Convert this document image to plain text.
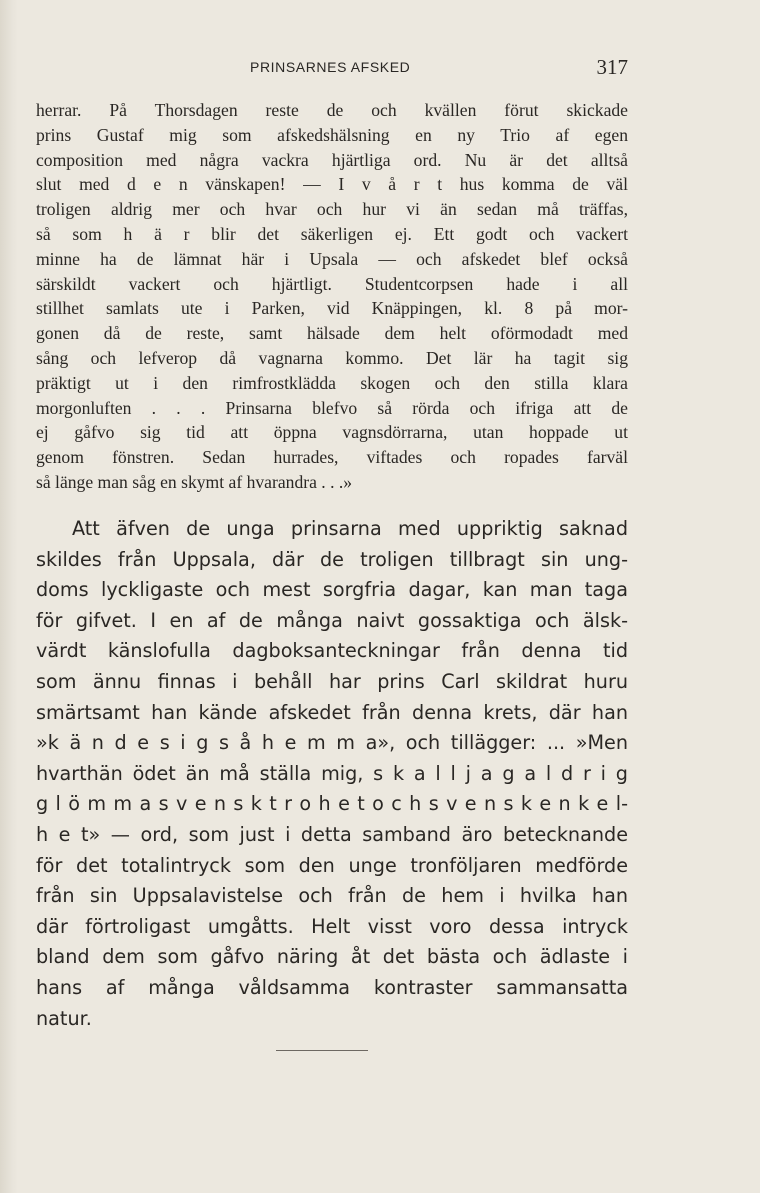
PRINSARNES AFSKED	317
herrar. På Thorsdagen reste de och kvällen förut skickade
prins Gustaf mig som afskedshälsning en ny Trio af egen
composition med några vackra hjärtliga ord. Nu är det alltså
slut med d e n vänskapen! — I v å r t hus komma de väl
troligen aldrig mer och hvar och hur vi än sedan må träffas,
så som h ä r blir det säkerligen ej. Ett godt och vackert
minne ha de lämnat här i Upsala — och afskedet blef också
särskildt vackert och hjärtligt. Studentcorpsen hade i all
stillhet samlats ute i Parken, vid Knäppingen, kl. 8 på mor-
gonen då de reste, samt hälsade dem helt oförmodadt med
sång och lefverop då vagnarna kommo. Det lär ha tagit sig
präktigt ut i den rimfrostklädda skogen och den stilla klara
morgonluften . . . Prinsarna blefvo så rörda och ifriga att de
ej gåfvo sig tid att öppna vagnsdörrarna, utan hoppade ut
genom fönstren. Sedan hurrades, viftades och ropades farväl
så länge man såg en skymt af hvarandra . . .»
Att äfven de unga prinsarna med uppriktig saknad
skildes från Uppsala, där de troligen tillbragt sin ung-
doms lyckligaste och mest sorgfria dagar, kan man taga
för gifvet. I en af de många naivt gossaktiga och älsk-
värdt känslofulla dagboksanteckningar från denna tid
som ännu finnas i behåll har prins Carl skildrat huru
smärtsamt han kände afskedet från denna krets, där han
»k ä n d e s i g s å h e m m a», och tillägger: ... »Men
hvarthän ödet än må ställa mig, s k a l l j a g a l d r i g
g l ö m m a s v e n s k t r o h e t o c h s v e n s k e n k e l-
h e t» — ord, som just i detta samband äro betecknande
för det totalintryck som den unge tronföljaren medförde
från sin Uppsalavistelse och från de hem i hvilka han
där förtroligast umgåtts. Helt visst voro dessa intryck
bland dem som gåfvo näring åt det bästa och ädlaste i
hans af många våldsamma kontraster sammansatta
natur.
